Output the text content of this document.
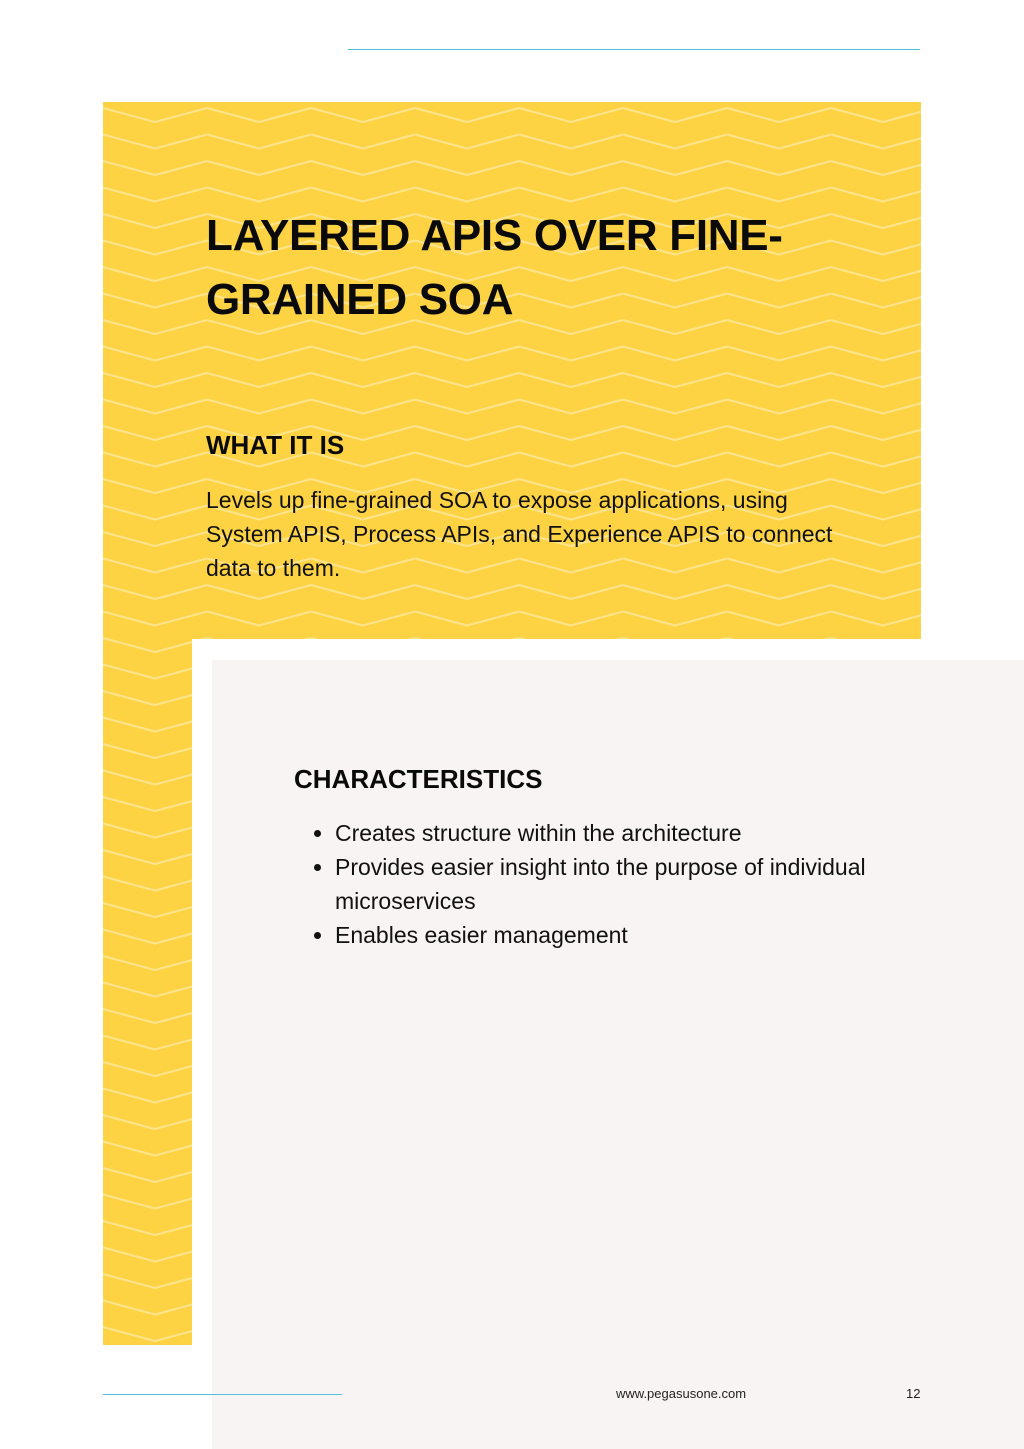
LAYERED APIS OVER FINE-GRAINED SOA
WHAT IT IS

Levels up fine-grained SOA to expose applications, using System APIS, Process APIs, and Experience APIS to connect data to them.

CHARACTERISTICS
• Creates structure within the architecture
• Provides easier insight into the purpose of individual microservices
• Enables easier management
www.pegasusone.com	12
